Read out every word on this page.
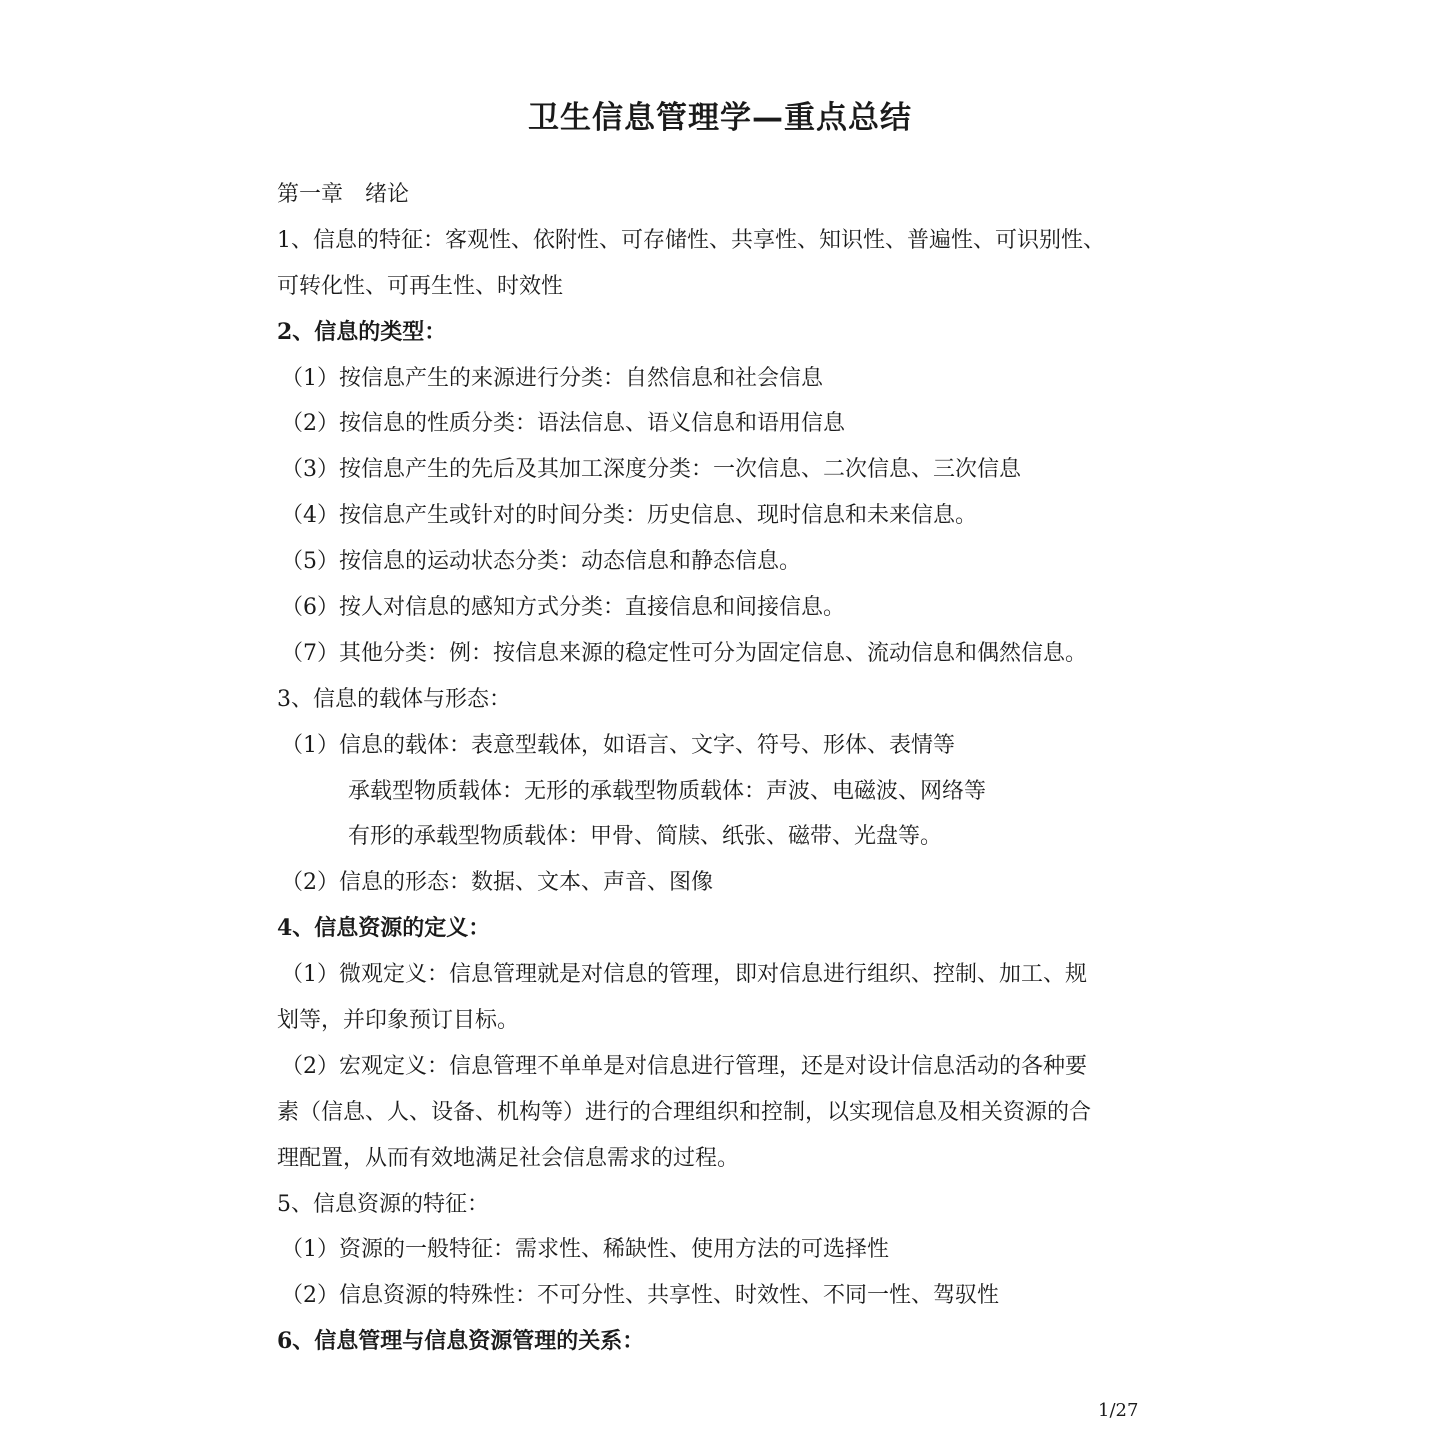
卫生信息管理学—重点总结
第一章　绪论
1、信息的特征：客观性、依附性、可存储性、共享性、知识性、普遍性、可识别性、
可转化性、可再生性、时效性
2、信息的类型：
（1）按信息产生的来源进行分类：自然信息和社会信息
（2）按信息的性质分类：语法信息、语义信息和语用信息
（3）按信息产生的先后及其加工深度分类：一次信息、二次信息、三次信息
（4）按信息产生或针对的时间分类：历史信息、现时信息和未来信息。
（5）按信息的运动状态分类：动态信息和静态信息。
（6）按人对信息的感知方式分类：直接信息和间接信息。
（7）其他分类：例：按信息来源的稳定性可分为固定信息、流动信息和偶然信息。
3、信息的载体与形态：
（1）信息的载体：表意型载体，如语言、文字、符号、形体、表情等
承载型物质载体：无形的承载型物质载体：声波、电磁波、网络等
有形的承载型物质载体：甲骨、简牍、纸张、磁带、光盘等。
（2）信息的形态：数据、文本、声音、图像
4、信息资源的定义：
（1）微观定义：信息管理就是对信息的管理，即对信息进行组织、控制、加工、规
划等，并印象预订目标。
（2）宏观定义：信息管理不单单是对信息进行管理，还是对设计信息活动的各种要
素（信息、人、设备、机构等）进行的合理组织和控制，以实现信息及相关资源的合
理配置，从而有效地满足社会信息需求的过程。
5、信息资源的特征：
（1）资源的一般特征：需求性、稀缺性、使用方法的可选择性
（2）信息资源的特殊性：不可分性、共享性、时效性、不同一性、驾驭性
6、信息管理与信息资源管理的关系：
1/27
